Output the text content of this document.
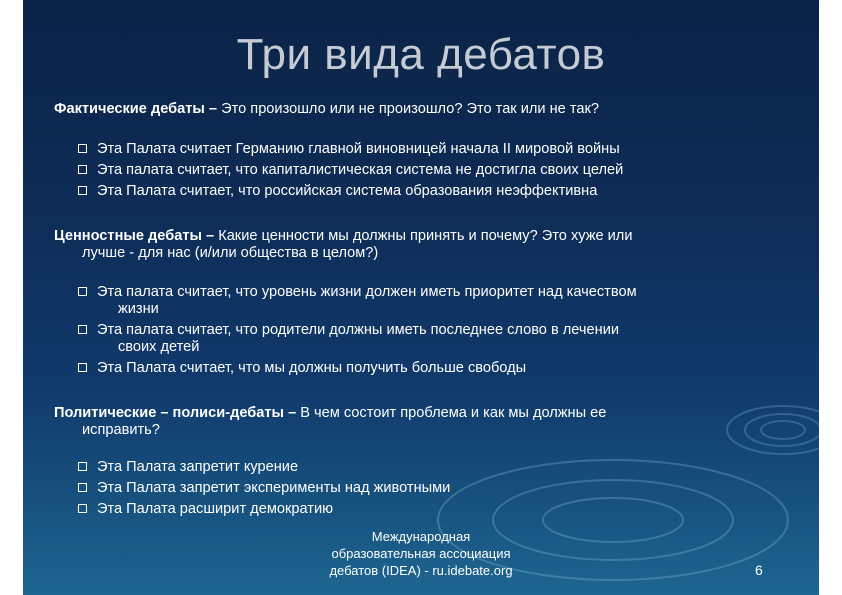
Три вида дебатов
Фактические дебаты – Это произошло или не произошло? Это так или не так?
Эта Палата считает Германию главной виновницей начала II мировой войны
Эта палата считает, что капиталистическая система не достигла своих целей
Эта Палата считает, что российская система образования неэффективна
Ценностные дебаты – Какие ценности мы должны принять и почему? Это хуже или
лучше - для нас (и/или общества в целом?)
Эта палата считает, что уровень жизни должен иметь приоритет над качеством
жизни
Эта палата считает, что родители должны иметь последнее слово в лечении
своих детей
Эта Палата считает, что мы должны получить больше свободы
Политические – полиси-дебаты – В чем состоит проблема и как мы должны ее
исправить?
Эта Палата запретит курение
Эта Палата запретит эксперименты над животными
Эта Палата расширит демократию
Международная
образовательная ассоциация
дебатов (IDEA) - ru.idebate.org	6
